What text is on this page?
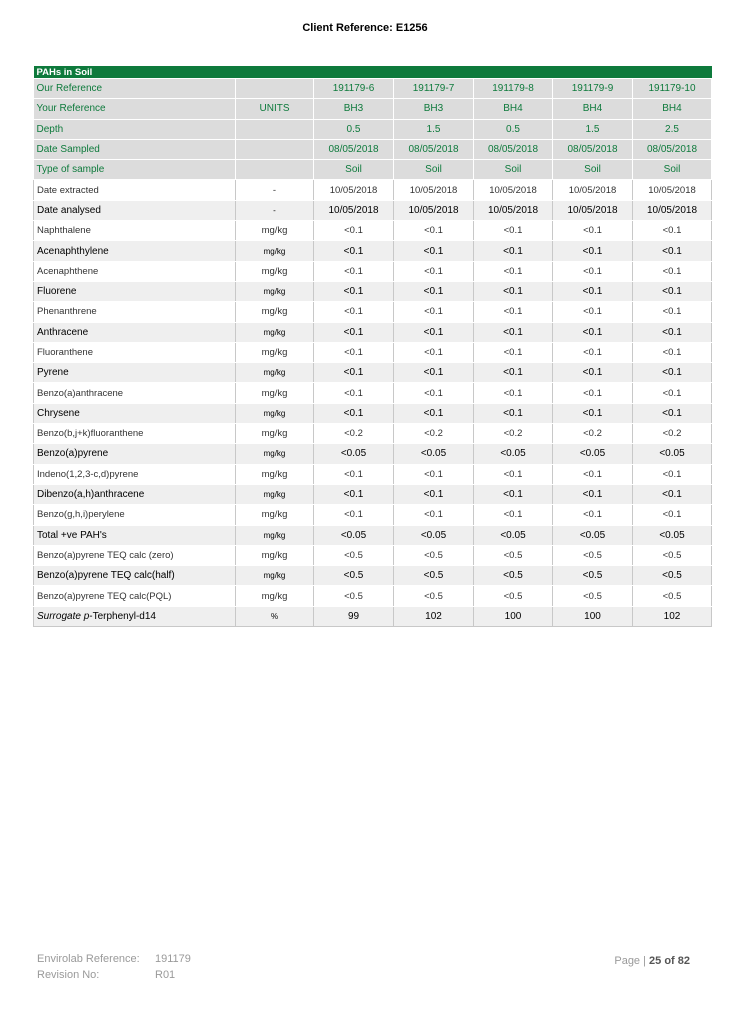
Client Reference: E1256
PAHs in Soil						
Our Reference		191179-6	191179-7	191179-8	191179-9	191179-10
Your Reference	UNITS	BH3	BH3	BH4	BH4	BH4
Depth		0.5	1.5	0.5	1.5	2.5
Date Sampled		08/05/2018	08/05/2018	08/05/2018	08/05/2018	08/05/2018
Type of sample		Soil	Soil	Soil	Soil	Soil
Date extracted	-	10/05/2018	10/05/2018	10/05/2018	10/05/2018	10/05/2018
Date analysed	-	10/05/2018	10/05/2018	10/05/2018	10/05/2018	10/05/2018
Naphthalene	mg/kg	<0.1	<0.1	<0.1	<0.1	<0.1
Acenaphthylene	mg/kg	<0.1	<0.1	<0.1	<0.1	<0.1
Acenaphthene	mg/kg	<0.1	<0.1	<0.1	<0.1	<0.1
Fluorene	mg/kg	<0.1	<0.1	<0.1	<0.1	<0.1
Phenanthrene	mg/kg	<0.1	<0.1	<0.1	<0.1	<0.1
Anthracene	mg/kg	<0.1	<0.1	<0.1	<0.1	<0.1
Fluoranthene	mg/kg	<0.1	<0.1	<0.1	<0.1	<0.1
Pyrene	mg/kg	<0.1	<0.1	<0.1	<0.1	<0.1
Benzo(a)anthracene	mg/kg	<0.1	<0.1	<0.1	<0.1	<0.1
Chrysene	mg/kg	<0.1	<0.1	<0.1	<0.1	<0.1
Benzo(b,j+k)fluoranthene	mg/kg	<0.2	<0.2	<0.2	<0.2	<0.2
Benzo(a)pyrene	mg/kg	<0.05	<0.05	<0.05	<0.05	<0.05
Indeno(1,2,3-c,d)pyrene	mg/kg	<0.1	<0.1	<0.1	<0.1	<0.1
Dibenzo(a,h)anthracene	mg/kg	<0.1	<0.1	<0.1	<0.1	<0.1
Benzo(g,h,i)perylene	mg/kg	<0.1	<0.1	<0.1	<0.1	<0.1
Total +ve PAH's	mg/kg	<0.05	<0.05	<0.05	<0.05	<0.05
Benzo(a)pyrene TEQ calc (zero)	mg/kg	<0.5	<0.5	<0.5	<0.5	<0.5
Benzo(a)pyrene TEQ calc(half)	mg/kg	<0.5	<0.5	<0.5	<0.5	<0.5
Benzo(a)pyrene TEQ calc(PQL)	mg/kg	<0.5	<0.5	<0.5	<0.5	<0.5
Surrogate p-Terphenyl-d14	%	99	102	100	100	102
Envirolab Reference: 191179
Revision No:	R01
Page | 25 of 82
